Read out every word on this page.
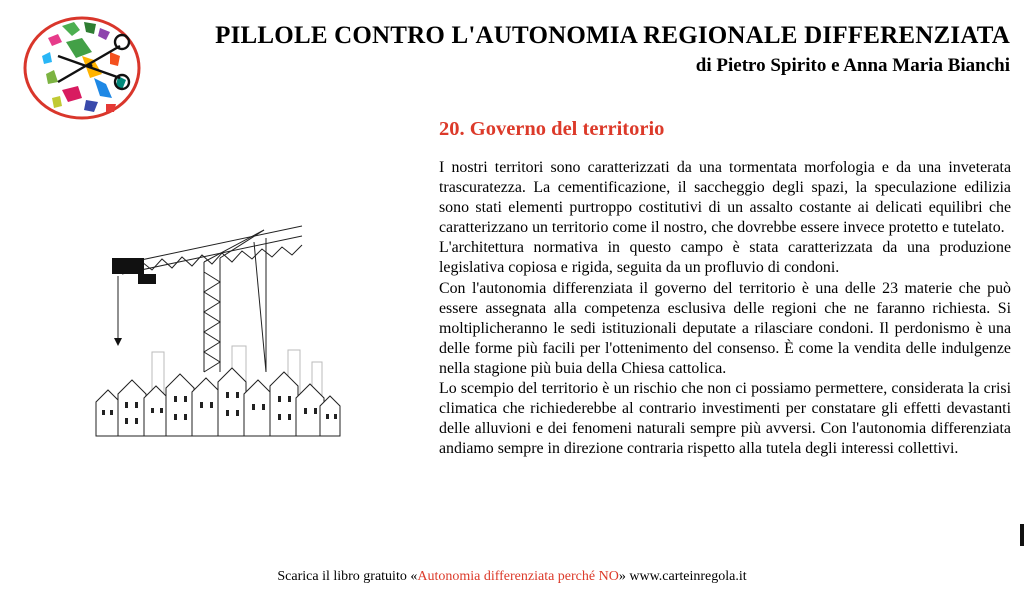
PILLOLE CONTRO L'AUTONOMIA REGIONALE DIFFERENZIATA
di Pietro Spirito e Anna Maria Bianchi
20. Governo del territorio

I nostri territori sono caratterizzati da una tormentata morfologia e da una inveterata trascuratezza. La cementificazione, il saccheggio degli spazi, la speculazione edilizia sono stati elementi purtroppo costitutivi di un assalto costante ai delicati equilibri che caratterizzano un territorio come il nostro, che dovrebbe essere invece protetto e tutelato.

L'architettura normativa in questo campo è stata caratterizzata da una produzione legislativa copiosa e rigida, seguita da un profluvio di condoni.

Con l'autonomia differenziata il governo del territorio è una delle 23 materie che può essere assegnata alla competenza esclusiva delle regioni che ne faranno richiesta. Si moltiplicheranno le sedi istituzionali deputate a rilasciare condoni. Il perdonismo è una delle forme più facili per l'ottenimento del consenso. È come la vendita delle indulgenze nella stagione più buia della Chiesa cattolica.

Lo scempio del territorio è un rischio che non ci possiamo permettere, considerata la crisi climatica che richiederebbe al contrario investimenti per constatare gli effetti devastanti delle alluvioni e dei fenomeni naturali sempre più avversi. Con l'autonomia differenziata andiamo sempre in direzione contraria rispetto alla tutela degli interessi collettivi.

Scarica il libro gratuito «Autonomia differenziata perché NO» www.carteinregola.it
